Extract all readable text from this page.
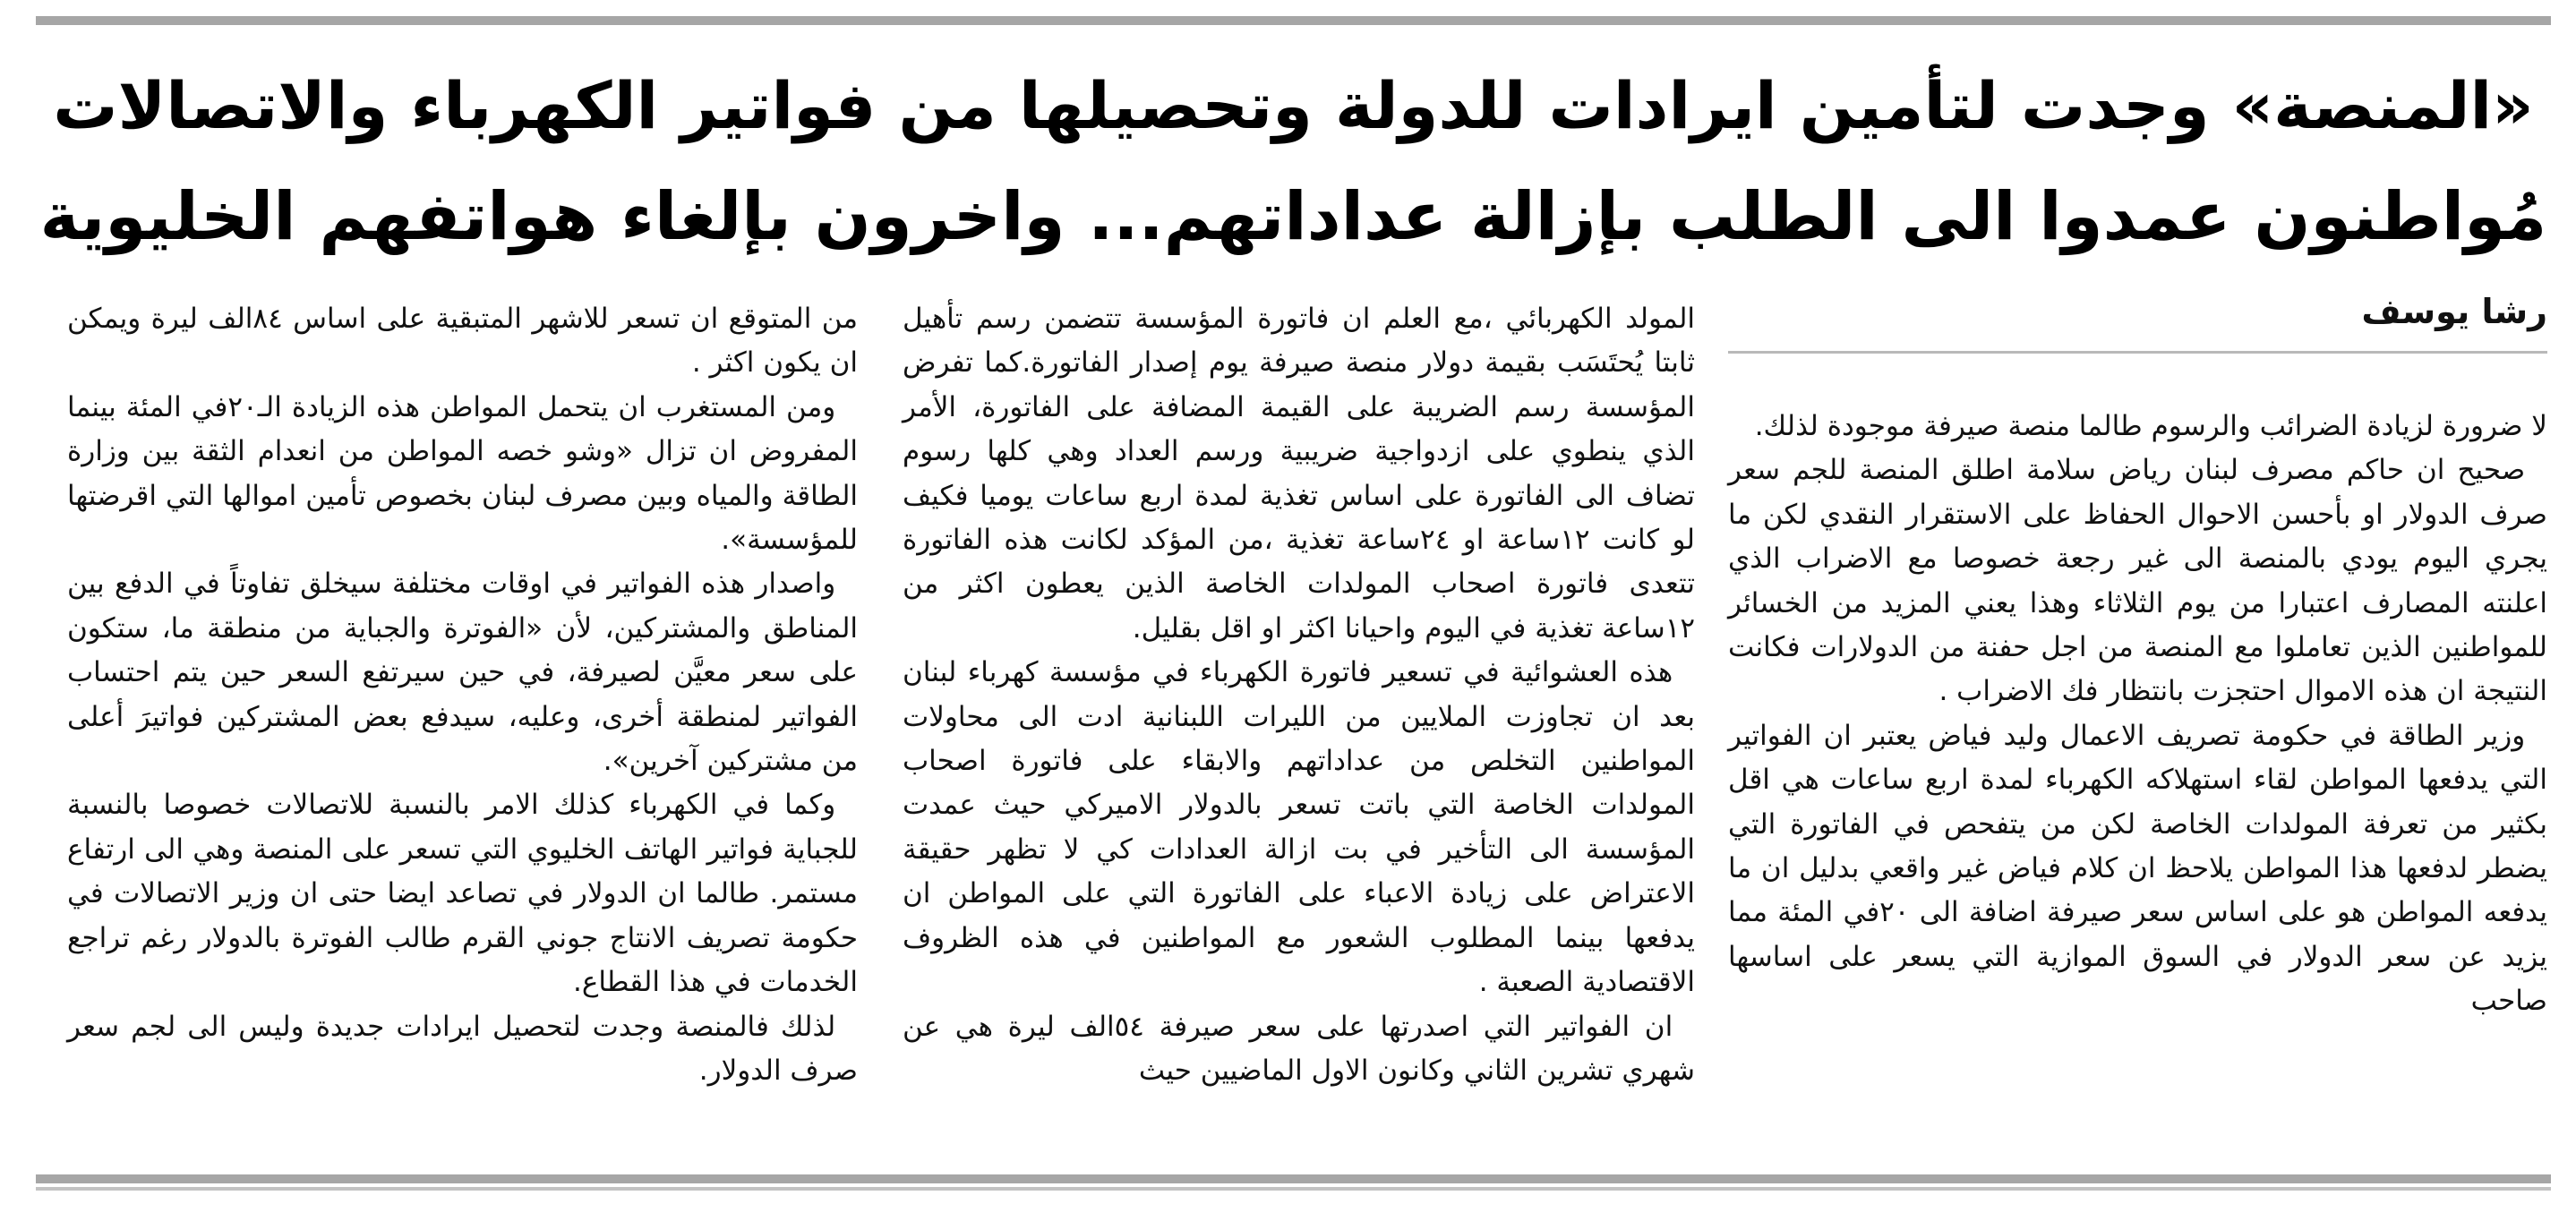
«المنصة» وجدت لتأمين ايرادات للدولة وتحصيلها من فواتير الكهرباء والاتصالات
مُواطنون عمدوا الى الطلب بإزالة عداداتهم... واخرون بإلغاء هواتفهم الخليوية
رشا يوسف

لا ضرورة لزيادة الضرائب والرسوم طالما منصة صيرفة موجودة لذلك.

صحيح ان حاكم مصرف لبنان رياض سلامة اطلق المنصة للجم سعر صرف الدولار او بأحسن الاحوال الحفاظ على الاستقرار النقدي لكن ما يجري اليوم يودي بالمنصة الى غير رجعة خصوصا مع الاضراب الذي اعلنته المصارف اعتبارا من يوم الثلاثاء وهذا يعني المزيد من الخسائر للمواطنين الذين تعاملوا مع المنصة من اجل حفنة من الدولارات فكانت النتيجة ان هذه الاموال احتجزت بانتظار فك الاضراب .

وزير الطاقة في حكومة تصريف الاعمال وليد فياض يعتبر ان الفواتير التي يدفعها المواطن لقاء استهلاكه الكهرباء لمدة اربع ساعات هي اقل بكثير من تعرفة المولدات الخاصة لكن من يتفحص في الفاتورة التي يضطر لدفعها هذا المواطن يلاحظ ان كلام فياض غير واقعي بدليل ان ما يدفعه المواطن هو على اساس سعر صيرفة اضافة الى ٢٠في المئة مما يزيد عن سعر الدولار في السوق الموازية التي يسعر على اساسها صاحب

المولد الكهربائي ،مع العلم ان فاتورة المؤسسة تتضمن رسم تأهيل ثابتا يُحتَسَب بقيمة دولار منصة صيرفة يوم إصدار الفاتورة.كما تفرض المؤسسة رسم الضريبة على القيمة المضافة على الفاتورة، الأمر الذي ينطوي على ازدواجية ضريبية ورسم العداد وهي كلها رسوم تضاف الى الفاتورة على اساس تغذية لمدة اربع ساعات يوميا فكيف لو كانت ١٢ساعة او ٢٤ساعة تغذية ،من المؤكد لكانت هذه الفاتورة تتعدى فاتورة اصحاب المولدات الخاصة الذين يعطون اكثر من ١٢ساعة تغذية في اليوم واحيانا اكثر او اقل بقليل.

هذه العشوائية في تسعير فاتورة الكهرباء في مؤسسة كهرباء لبنان بعد ان تجاوزت الملايين من الليرات اللبنانية ادت الى محاولات المواطنين التخلص من عداداتهم والابقاء على فاتورة اصحاب المولدات الخاصة التي باتت تسعر بالدولار الاميركي حيث عمدت المؤسسة الى التأخير في بت ازالة العدادات كي لا تظهر حقيقة الاعتراض على زيادة الاعباء على الفاتورة التي على المواطن ان يدفعها بينما المطلوب الشعور مع المواطنين في هذه الظروف الاقتصادية الصعبة .

ان الفواتير التي اصدرتها على سعر صيرفة ٥٤الف ليرة هي عن شهري تشرين الثاني وكانون الاول الماضيين حيث

من المتوقع ان تسعر للاشهر المتبقية على اساس ٨٤الف ليرة ويمكن ان يكون اكثر .

ومن المستغرب ان يتحمل المواطن هذه الزيادة الـ٢٠في المئة بينما المفروض ان تزال «وشو خصه المواطن من انعدام الثقة بين وزارة الطاقة والمياه وبين مصرف لبنان بخصوص تأمين اموالها التي اقرضتها للمؤسسة».

واصدار هذه الفواتير في اوقات مختلفة سيخلق تفاوتاً في الدفع بين المناطق والمشتركين، لأن «الفوترة والجباية من منطقة ما، ستكون على سعر معيَّن لصيرفة، في حين سيرتفع السعر حين يتم احتساب الفواتير لمنطقة أخرى، وعليه، سيدفع بعض المشتركين فواتيرَ أعلى من مشتركين آخرين».

وكما في الكهرباء كذلك الامر بالنسبة للاتصالات خصوصا بالنسبة للجباية فواتير الهاتف الخليوي التي تسعر على المنصة وهي الى ارتفاع مستمر. طالما ان الدولار في تصاعد ايضا حتى ان وزير الاتصالات في حكومة تصريف الانتاج جوني القرم طالب الفوترة بالدولار رغم تراجع الخدمات في هذا القطاع.

لذلك فالمنصة وجدت لتحصيل ايرادات جديدة وليس الى لجم سعر صرف الدولار.
